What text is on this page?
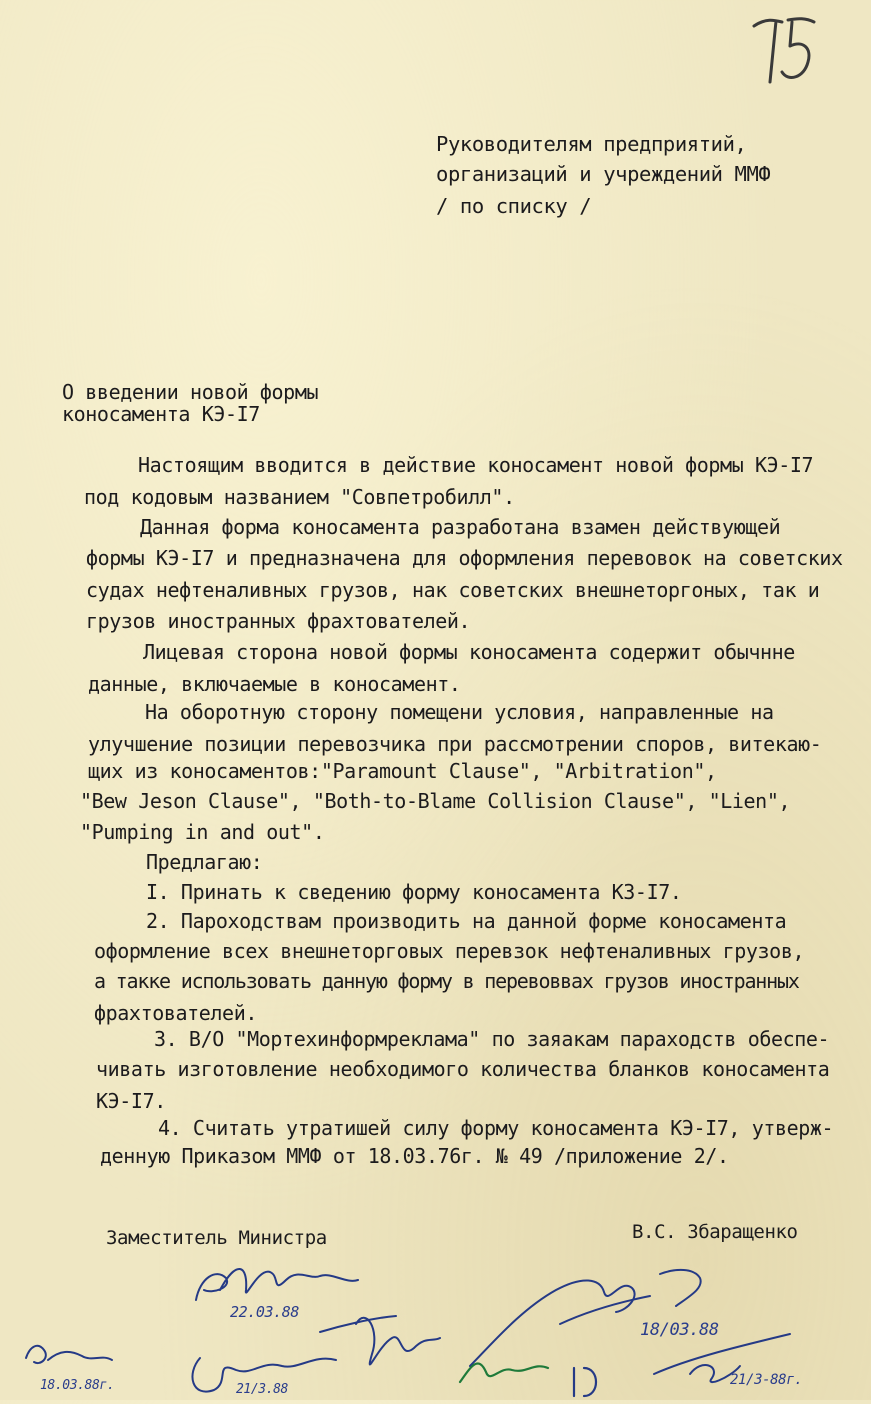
Руководителям предприятий,
организаций и учреждений ММФ
/ по списку /
О введении новой формы
коносамента КЭ-I7
Настоящим вводится в действие коносамент новой формы КЭ-I7
под кодовым названием "Совпетробилл".
Данная форма коносамента разработана взамен действующей
формы КЭ-I7 и предназначена для оформления перевовок на советских
судах нефтеналивных грузов, нак советских внешнеторгоных, так и
грузов иностранных фрахтователей.
Лицевая сторона новой формы коносамента содержит обычнне
данные, включаемые в коносамент.
На оборотную сторону помещени условия, направленные на
улучшение позиции перевозчика при рассмотрении споров, витекаю-
щих из коносаментов:"Paramount Clause", "Arbitration",
"Bew Jeson Clause", "Both-to-Blame Collision Clause", "Lien",
"Pumping in and out".
Предлагаю:
I. Принать к сведению форму коносамента КЗ-I7.
2. Пароходствам производить на данной форме коносамента
оформление всех внешнеторговых перевзок нефтеналивных грузов,
а такке использовать данную форму в перевоввах грузов иностранных
фрахтователей.
3. В/О "Мортехинформреклама" по заяакам параходств обеспе-
чивать изготовление необходимого количества бланков коносамента
КЭ-I7.
4. Считать утратишей силу форму коносамента КЭ-I7, утверж-
денную Приказом ММФ от 18.03.76г. № 49 /приложение 2/.
Заместитель Министра	В.С. Збаращенко
22.03.88
18/03.88
21/3-88г.
18.03.88г.	21/3.88
